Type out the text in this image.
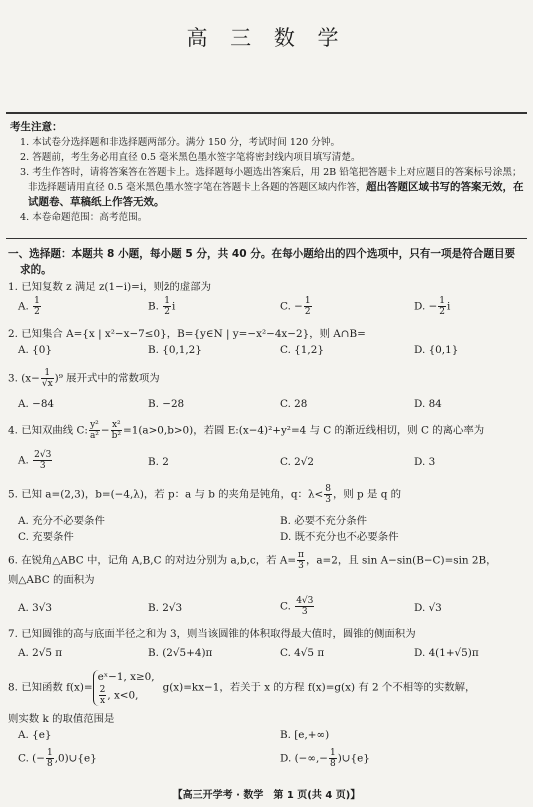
高 三 数 学
考生注意：
1. 本试卷分选择题和非选择题两部分。满分 150 分，考试时间 120 分钟。
2. 答题前，考生务必用直径 0.5 毫米黑色墨水签字笔将密封线内项目填写清楚。
3. 考生作答时，请将答案答在答题卡上。选择题每小题选出答案后，用 2B 铅笔把答题卡上对应题目的答案标号涂黑；非选择题请用直径 0.5 毫米黑色墨水签字笔在答题卡上各题的答题区域内作答，超出答题区域书写的答案无效，在试题卷、草稿纸上作答无效。
4. 本卷命题范围：高考范围。
一、选择题：本题共 8 小题，每小题 5 分，共 40 分。在每小题给出的四个选项中，只有一项是符合题目要
求的。
1. 已知复数 z 满足 z(1−i)=i，则z̄的虚部为
A. $\frac{1}{2}$	B. $\frac{1}{2}$ i	C. − $\frac{1}{2}$	D. − $\frac{1}{2}$ i
2. 已知集合 A={x | x²−x−7≤0}，B={y∈N | y=−x²−4x−2}，则 A∩B=
A. {0}	B. {0,1,2}	C. {1,2}	D. {0,1}
3. $(x- \frac{1}{√x} )^9$ 展开式中的常数项为
A. −84	B. −28	C. 28	D. 84
4. 已知双曲线 C: $\frac{\text{y²}}{\text{a²}} - \frac{\text{x²}}{\text{b²}} =1(a>0,b>0)$，若圆 E:(x−4)²+y²=4 与 C 的渐近线相切，则 C 的离心率为
A. $\frac{2√3}{3}$	B. 2	C. 2√2	D. 3
5. 已知 a=(2,3)，b=(−4,λ)，若 p：a 与 b 的夹角是钝角，q：$\lambda< \frac{8}{3}$ ，则 p 是 q 的
A. 充分不必要条件	B. 必要不充分条件
C. 充要条件	D. 既不充分也不必要条件
6. 在锐角△ABC 中，记角 A,B,C 的对边分别为 a,b,c，若 $A= \frac{\pi}{3}$ ，a=2，且 sin A−sin(B−C)=sin 2B，
则△ABC 的面积为
A. 3√3	B. 2√3	C. $\frac{4√3}{3}$	D. √3
7. 已知圆锥的高与底面半径之和为 3，则当该圆锥的体积取得最大值时，圆锥的侧面积为
A. 2√5 π	B. (2√5+4)π	C. 4√5 π	D. 4(1+√5)π
8. 已知函数 f(x)=
eˣ−1, x≥0,
$\frac{2}{x}$ , x<0,
g(x)=kx−1，若关于 x 的方程 f(x)=g(x) 有 2 个不相等的实数解，
则实数 k 的取值范围是
A. {e}	B. [e,+∞)
C. (− $\frac{1}{8}$ ,0)∪{e}	D. (−∞,− $\frac{1}{8}$ )∪{e}
【高三开学考 · 数学　第 1 页(共 4 页)】
